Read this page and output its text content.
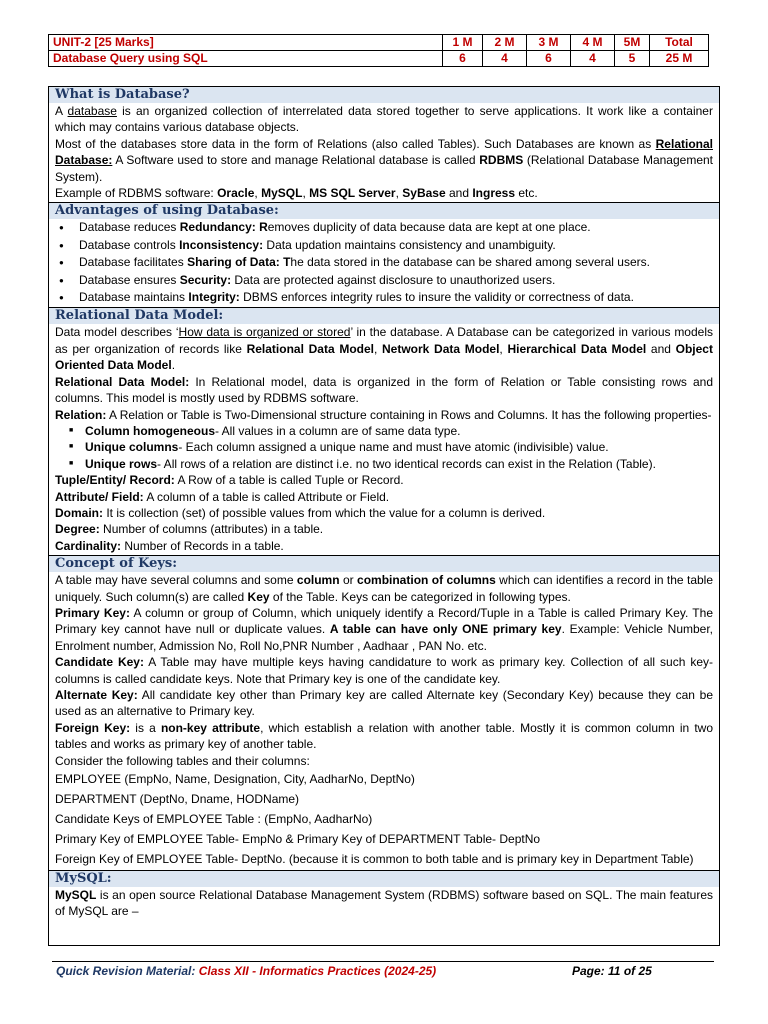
UNIT-2 [25 Marks]	1 M	2 M	3 M	4 M	5M	Total
Database Query using SQL	6	4	6	4	5	25 M
What is Database?

A database is an organized collection of interrelated data stored together to serve applications. It work like a container which may contains various database objects.

Most of the databases store data in the form of Relations (also called Tables). Such Databases are known as Relational Database: A Software used to store and manage Relational database is called RDBMS (Relational Database Management System).

Example of RDBMS software: Oracle, MySQL, MS SQL Server, SyBase and Ingress etc.

Advantages of using Database:
● Database reduces Redundancy: Removes duplicity of data because data are kept at one place.
● Database controls Inconsistency: Data updation maintains consistency and unambiguity.
● Database facilitates Sharing of Data: The data stored in the database can be shared among several users.
● Database ensures Security: Data are protected against disclosure to unauthorized users.
● Database maintains Integrity: DBMS enforces integrity rules to insure the validity or correctness of data.
Relational Data Model:

Data model describes ‘How data is organized or stored’ in the database. A Database can be categorized in various models as per organization of records like Relational Data Model, Network Data Model, Hierarchical Data Model and Object Oriented Data Model.

Relational Data Model: In Relational model, data is organized in the form of Relation or Table consisting rows and columns. This model is mostly used by RDBMS software.

Relation: A Relation or Table is Two-Dimensional structure containing in Rows and Columns. It has the following properties-

■ Column homogeneous- All values in a column are of same data type.
■ Unique columns- Each column assigned a unique name and must have atomic (indivisible) value.
■ Unique rows- All rows of a relation are distinct i.e. no two identical records can exist in the Relation (Table).

Tuple/Entity/ Record: A Row of a table is called Tuple or Record.

Attribute/ Field: A column of a table is called Attribute or Field.

Domain: It is collection (set) of possible values from which the value for a column is derived.

Degree: Number of columns (attributes) in a table.

Cardinality: Number of Records in a table.

Concept of Keys:

A table may have several columns and some column or combination of columns which can identifies a record in the table uniquely. Such column(s) are called Key of the Table. Keys can be categorized in following types.

Primary Key: A column or group of Column, which uniquely identify a Record/Tuple in a Table is called Primary Key. The Primary key cannot have null or duplicate values. A table can have only ONE primary key. Example: Vehicle Number, Enrolment number, Admission No, Roll No,PNR Number , Aadhaar , PAN No. etc.

Candidate Key: A Table may have multiple keys having candidature to work as primary key. Collection of all such key-columns is called candidate keys. Note that Primary key is one of the candidate key.

Alternate Key: All candidate key other than Primary key are called Alternate key (Secondary Key) because they can be used as an alternative to Primary key.

Foreign Key: is a non-key attribute, which establish a relation with another table. Mostly it is common column in two tables and works as primary key of another table.

Consider the following tables and their columns:

EMPLOYEE (EmpNo, Name, Designation, City, AadharNo, DeptNo)

DEPARTMENT (DeptNo, Dname, HODName)

Candidate Keys of EMPLOYEE Table : (EmpNo, AadharNo)

Primary Key of EMPLOYEE Table- EmpNo & Primary Key of DEPARTMENT Table- DeptNo

Foreign Key of EMPLOYEE Table- DeptNo. (because it is common to both table and is primary key in Department Table)

MySQL:

MySQL is an open source Relational Database Management System (RDBMS) software based on SQL. The main features of MySQL are –

Quick Revision Material: Class XII - Informatics Practices (2024-25)	Page: 11 of 25
